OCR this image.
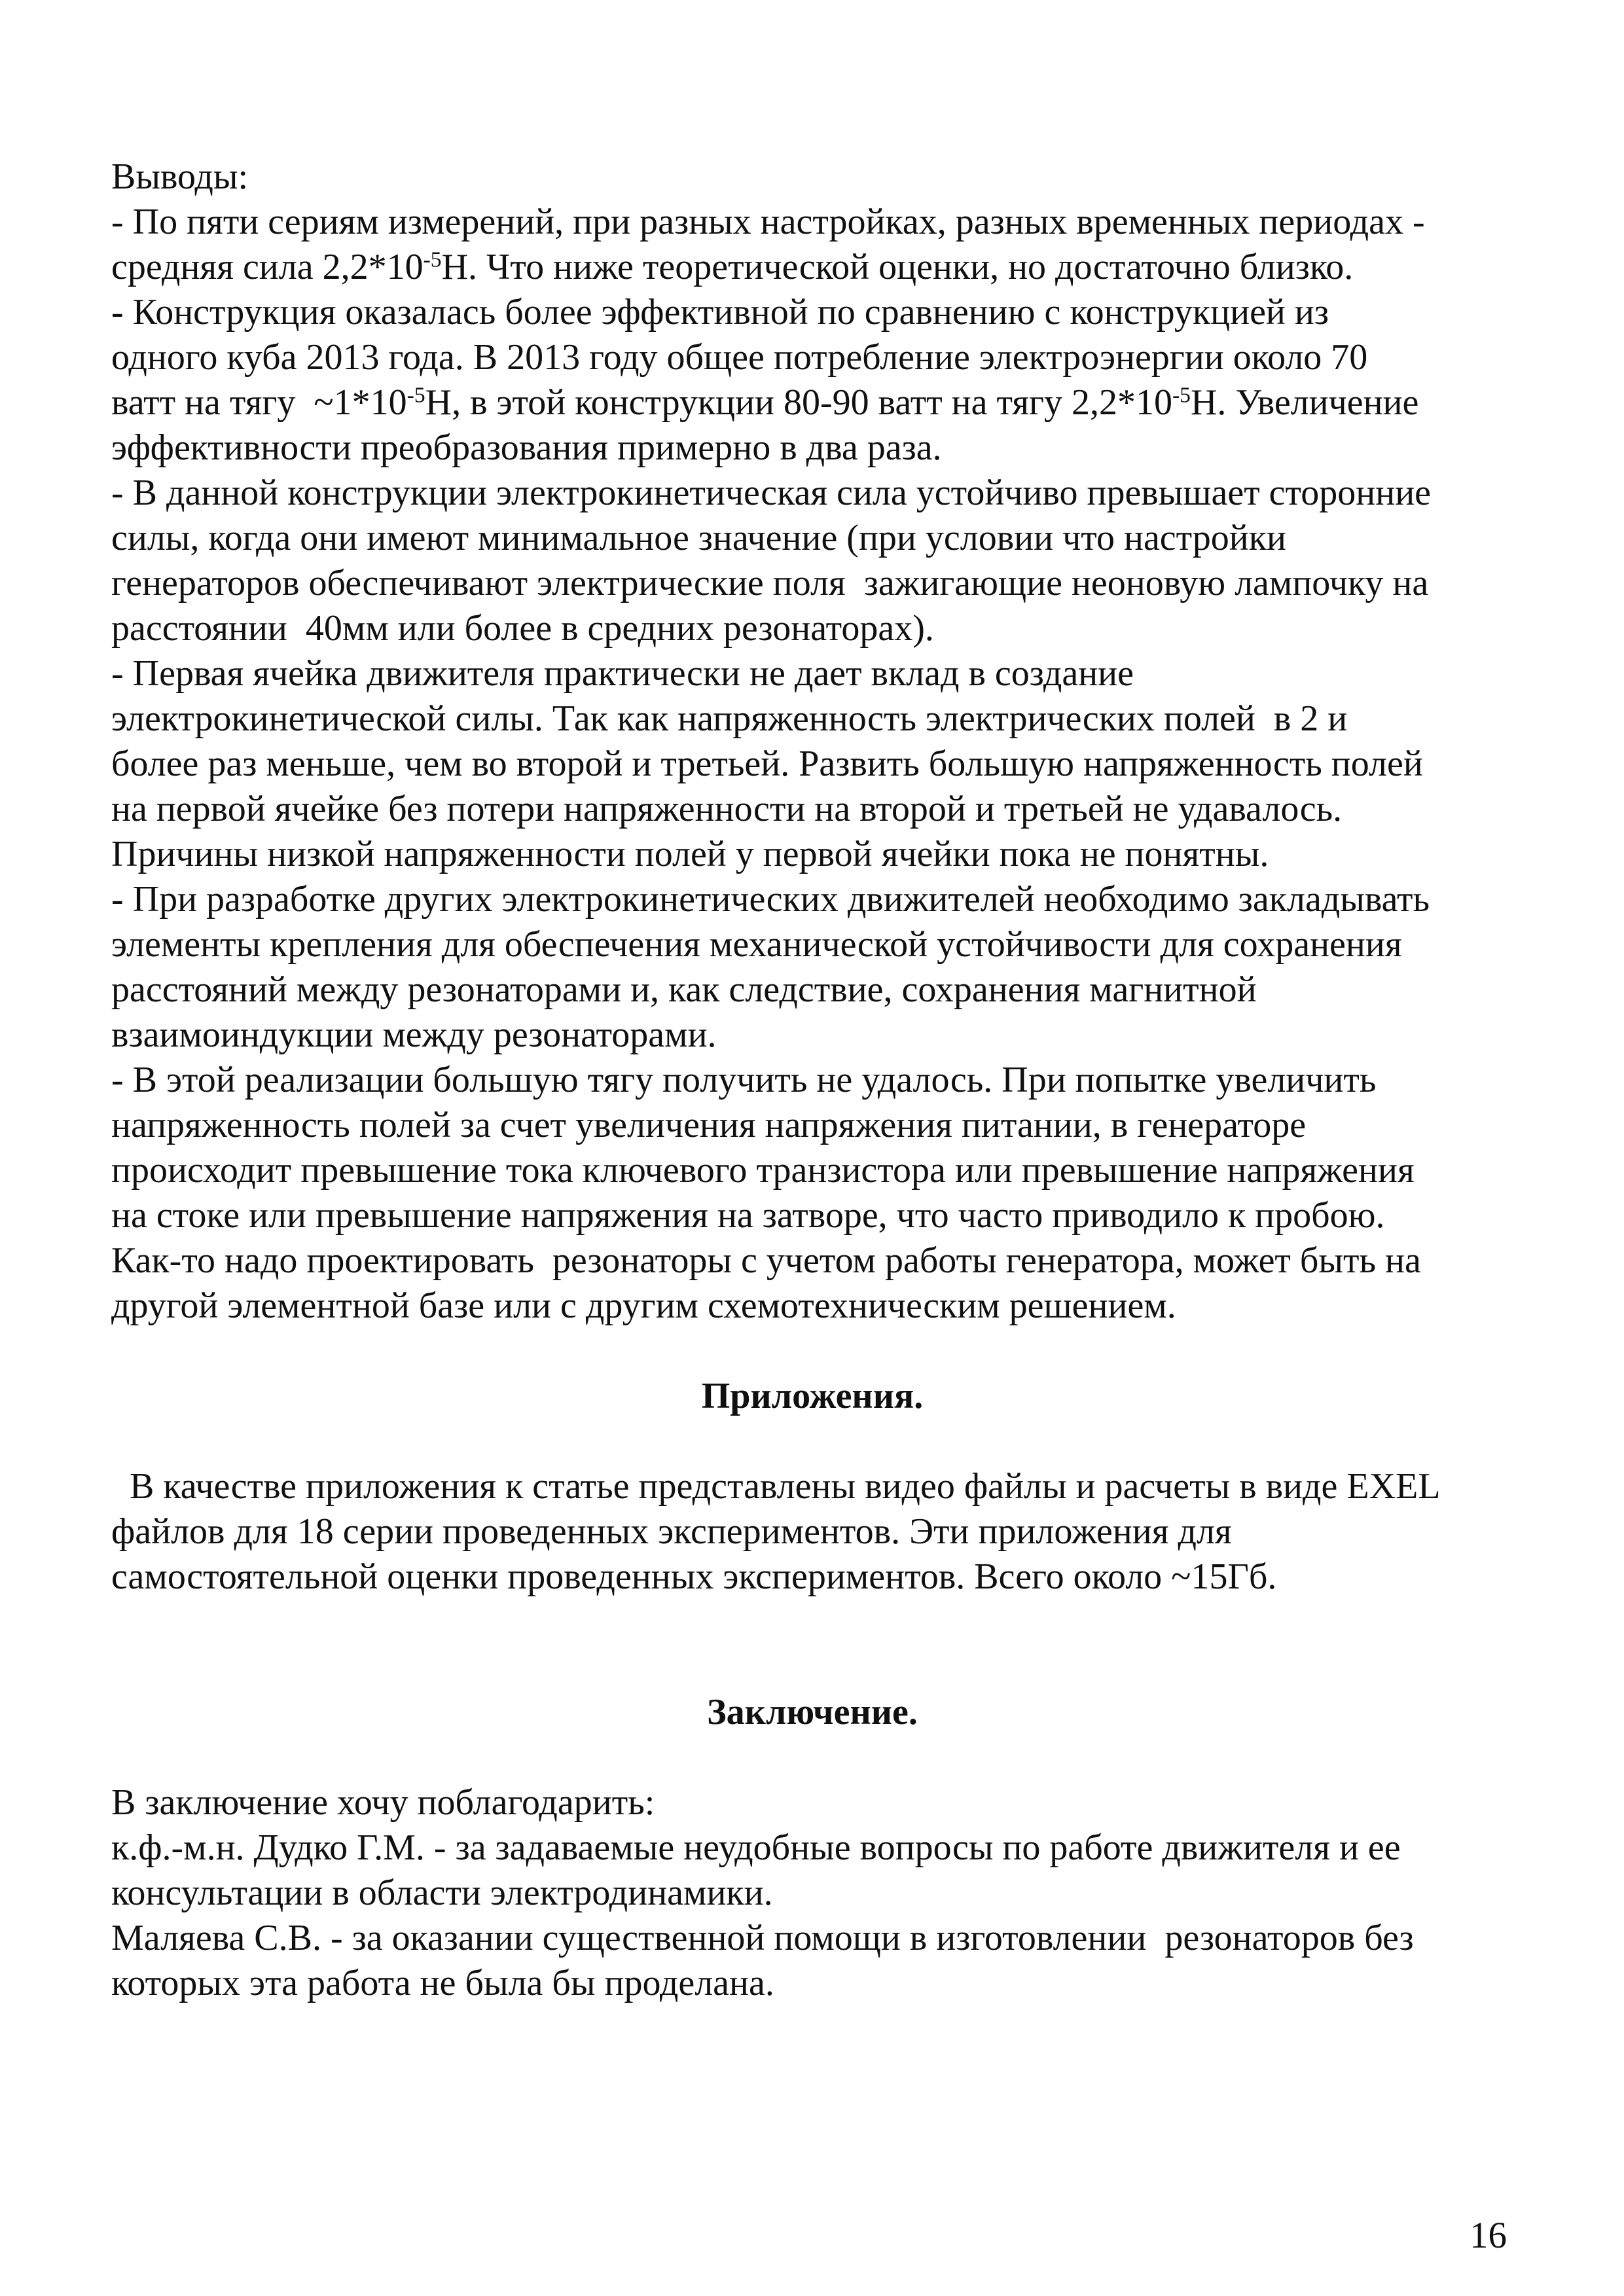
Выводы:
- По пяти сериям измерений, при разных настройках, разных временных периодах -
средняя сила $2,2*10^{-5}Н$. Что ниже теоретической оценки, но достаточно близко.
- Конструкция оказалась более эффективной по сравнению с конструкцией из
одного куба 2013 года. В 2013 году общее потребление электроэнергии около 70
ватт на тягу  $\sim 1*10^{-5}Н$, в этой конструкции 80-90 ватт на тягу $2,2*10^{-5}Н$. Увеличение
эффективности преобразования примерно в два раза.
- В данной конструкции электрокинетическая сила устойчиво превышает сторонние
силы, когда они имеют минимальное значение (при условии что настройки
генераторов обеспечивают электрические поля  зажигающие неоновую лампочку на
расстоянии  40мм или более в средних резонаторах).
- Первая ячейка движителя практически не дает вклад в создание
электрокинетической силы. Так как напряженность электрических полей  в 2 и
более раз меньше, чем во второй и третьей. Развить большую напряженность полей
на первой ячейке без потери напряженности на второй и третьей не удавалось.
Причины низкой напряженности полей у первой ячейки пока не понятны.
- При разработке других электрокинетических движителей необходимо закладывать
элементы крепления для обеспечения механической устойчивости для сохранения
расстояний между резонаторами и, как следствие, сохранения магнитной
взаимоиндукции между резонаторами.
- В этой реализации большую тягу получить не удалось. При попытке увеличить
напряженность полей за счет увеличения напряжения питании, в генераторе
происходит превышение тока ключевого транзистора или превышение напряжения
на стоке или превышение напряжения на затворе, что часто приводило к пробою.
Как-то надо проектировать  резонаторы с учетом работы генератора, может быть на
другой элементной базе или с другим схемотехническим решением.
Приложения.
В качестве приложения к статье представлены видео файлы и расчеты в виде EXEL
файлов для 18 серии проведенных экспериментов. Эти приложения для
самостоятельной оценки проведенных экспериментов. Всего около ~15Гб.
Заключение.
В заключение хочу поблагодарить:
к.ф.-м.н. Дудко Г.М. - за задаваемые неудобные вопросы по работе движителя и ее
консультации в области электродинамики.
Маляева С.В. - за оказании существенной помощи в изготовлении  резонаторов без
которых эта работа не была бы проделана.
16
